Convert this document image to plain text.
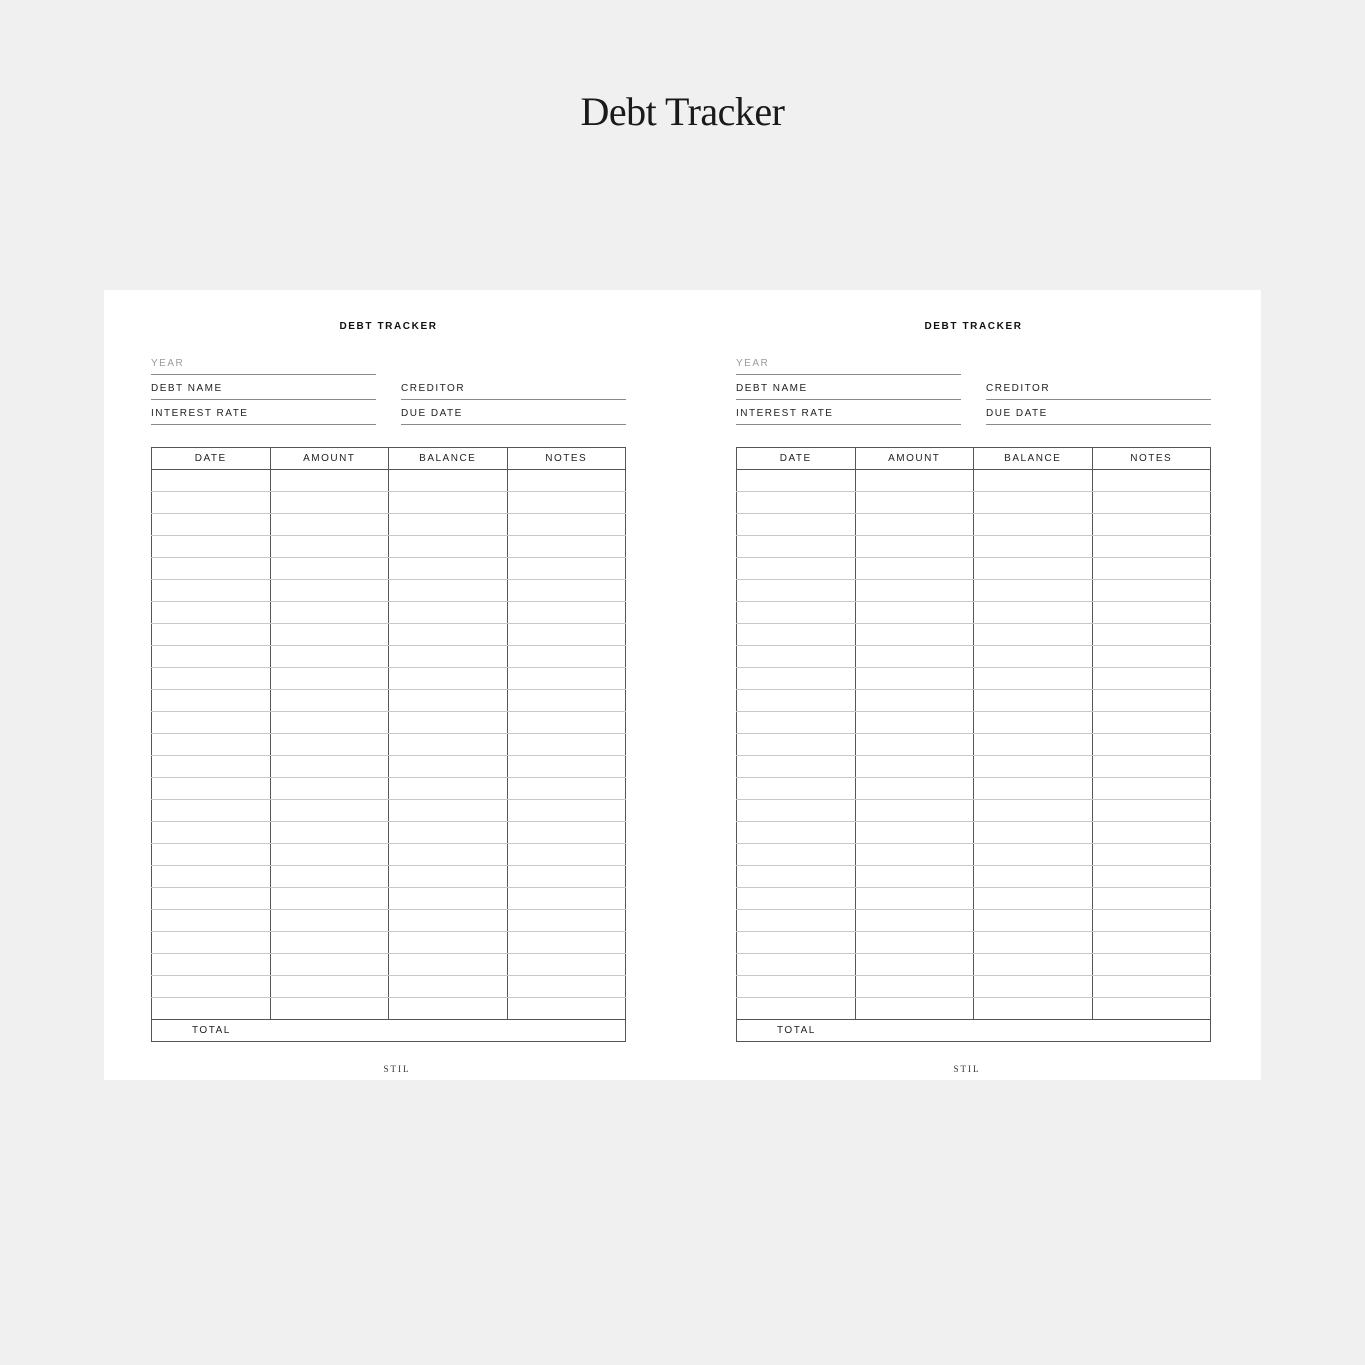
Debt Tracker
DEBT TRACKER
YEAR
DEBT NAME
INTEREST RATE
CREDITOR
DUE DATE
DATE	AMOUNT	BALANCE	NOTES

TOTAL			
STIL
DEBT TRACKER
YEAR
DEBT NAME
INTEREST RATE
CREDITOR
DUE DATE
DATE	AMOUNT	BALANCE	NOTES

TOTAL			
STIL
